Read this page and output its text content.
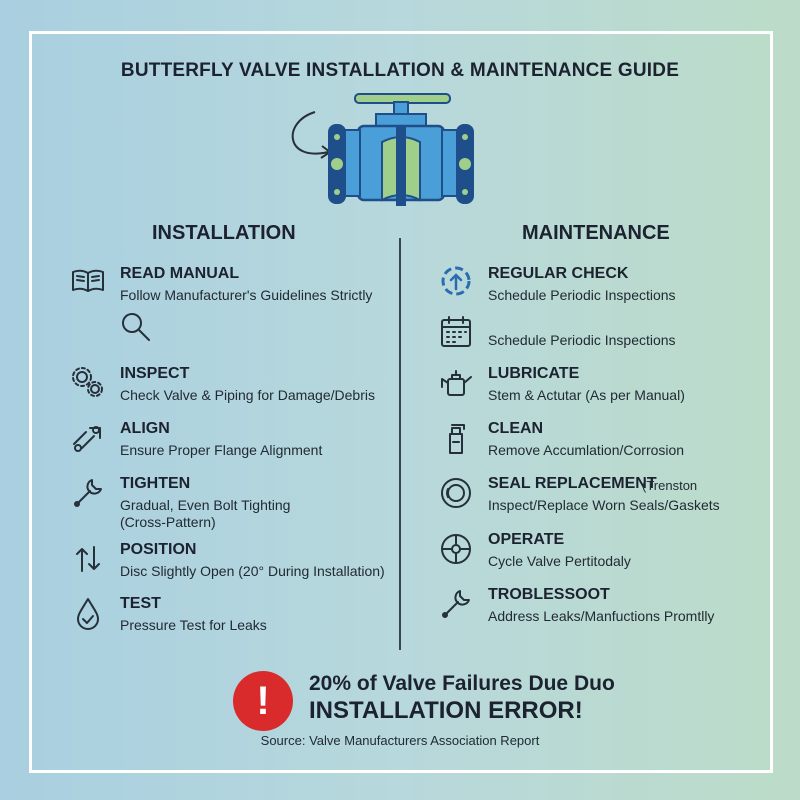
BUTTERFLY VALVE INSTALLATION & MAINTENANCE GUIDE
INSTALLATION	MAINTENANCE
READ MANUAL
Follow Manufacturer's Guidelines Strictly
INSPECT
Check Valve & Piping for Damage/Debris
ALIGN
Ensure Proper Flange Alignment
TIGHTEN
Gradual, Even Bolt Tighting
(Cross-Pattern)
POSITION
Disc Slightly Open (20° During Installation)
TEST
Pressure Test for Leaks
REGULAR CHECK
Schedule Periodic Inspections
Schedule Periodic Inspections
LUBRICATE
Stem & Actutar (As per Manual)
CLEAN
Remove Accumlation/Corrosion
SEAL REPLACEMENT
(Trenston
Inspect/Replace Worn Seals/Gaskets
OPERATE
Cycle Valve Pertitodaly
TROBLESSOOT
Address Leaks/Manfuctions Promtlly
!	20% of Valve Failures Due Duo
INSTALLATION ERROR!
Source: Valve Manufacturers Association Report
